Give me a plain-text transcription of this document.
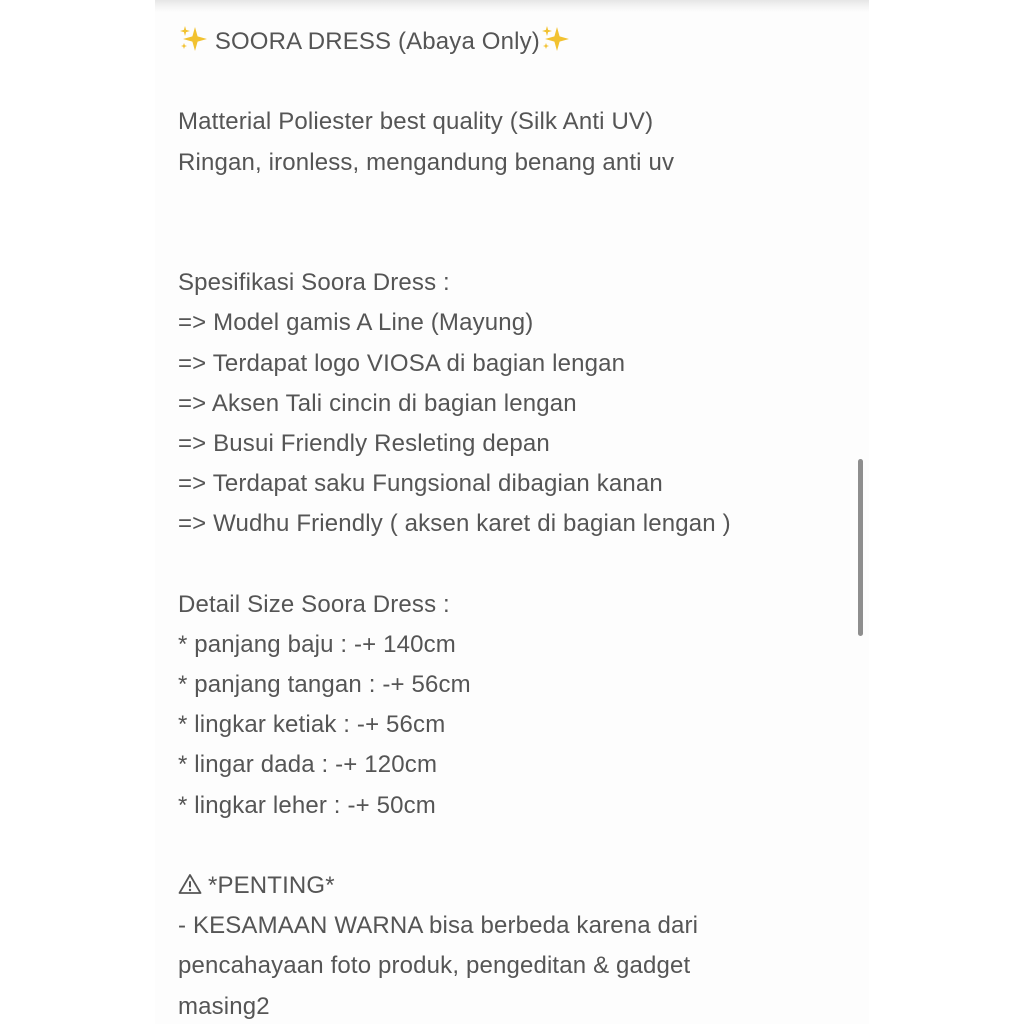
SOORA DRESS (Abaya Only)
Matterial Poliester best quality (Silk Anti UV)
Ringan, ironless, mengandung benang anti uv
Spesifikasi Soora Dress :
=> Model gamis A Line (Mayung)
=> Terdapat logo VIOSA di bagian lengan
=> Aksen Tali cincin di bagian lengan
=> Busui Friendly Resleting depan
=> Terdapat saku Fungsional dibagian kanan
=> Wudhu Friendly ( aksen karet di bagian lengan )
Detail Size Soora Dress :
* panjang baju : -+ 140cm
* panjang tangan : -+ 56cm
* lingkar ketiak : -+ 56cm
* lingar dada : -+ 120cm
* lingkar leher : -+ 50cm
*PENTING*
- KESAMAAN WARNA bisa berbeda karena dari
pencahayaan foto produk, pengeditan & gadget
masing2
